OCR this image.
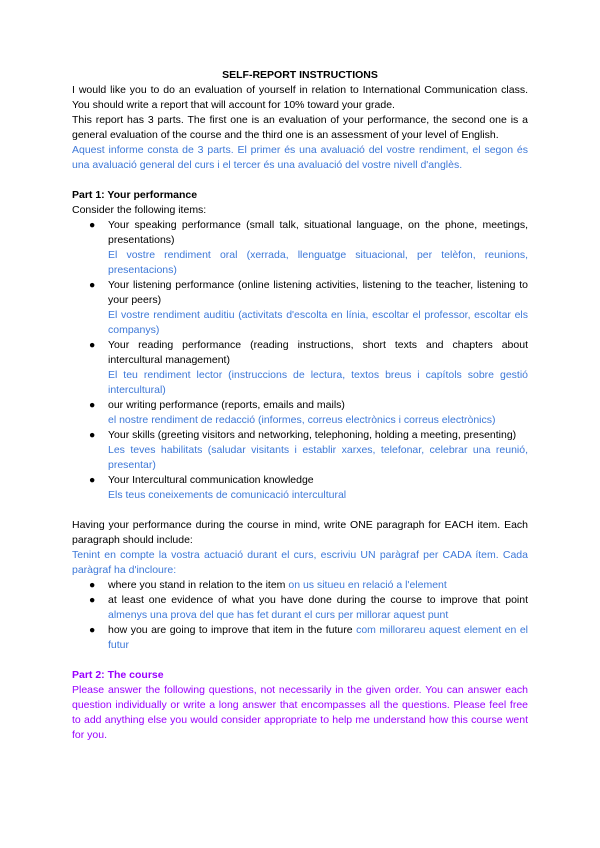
SELF-REPORT INSTRUCTIONS

I would like you to do an evaluation of yourself in relation to International Communication class. You should write a report that will account for 10% toward your grade.

This report has 3 parts. The first one is an evaluation of your performance, the second one is a general evaluation of the course and the third one is an assessment of your level of English.

Aquest informe consta de 3 parts. El primer és una avaluació del vostre rendiment, el segon és una avaluació general del curs i el tercer és una avaluació del vostre nivell d'anglès.

Part 1: Your performance

Consider the following items:

● Your speaking performance (small talk, situational language, on the phone, meetings, presentations)
El vostre rendiment oral (xerrada, llenguatge situacional, per telèfon, reunions, presentacions)
● Your listening performance (online listening activities, listening to the teacher, listening to your peers)
El vostre rendiment auditiu (activitats d'escolta en línia, escoltar el professor, escoltar els companys)
● Your reading performance (reading instructions, short texts and chapters about intercultural management)
El teu rendiment lector (instruccions de lectura, textos breus i capítols sobre gestió intercultural)
● our writing performance (reports, emails and mails)
el nostre rendiment de redacció (informes, correus electrònics i correus electrònics)
● Your skills (greeting visitors and networking, telephoning, holding a meeting, presenting)
Les teves habilitats (saludar visitants i establir xarxes, telefonar, celebrar una reunió, presentar)
● Your Intercultural communication knowledge
Els teus coneixements de comunicació intercultural

Having your performance during the course in mind, write ONE paragraph for EACH item. Each paragraph should include:

Tenint en compte la vostra actuació durant el curs, escriviu UN paràgraf per CADA ítem. Cada paràgraf ha d'incloure:

● where you stand in relation to the item on us situeu en relació a l'element
● at least one evidence of what you have done during the course to improve that point almenys una prova del que has fet durant el curs per millorar aquest punt
● how you are going to improve that item in the future com millorareu aquest element en el futur

Part 2: The course

Please answer the following questions, not necessarily in the given order. You can answer each question individually or write a long answer that encompasses all the questions. Please feel free to add anything else you would consider appropriate to help me understand how this course went for you.
